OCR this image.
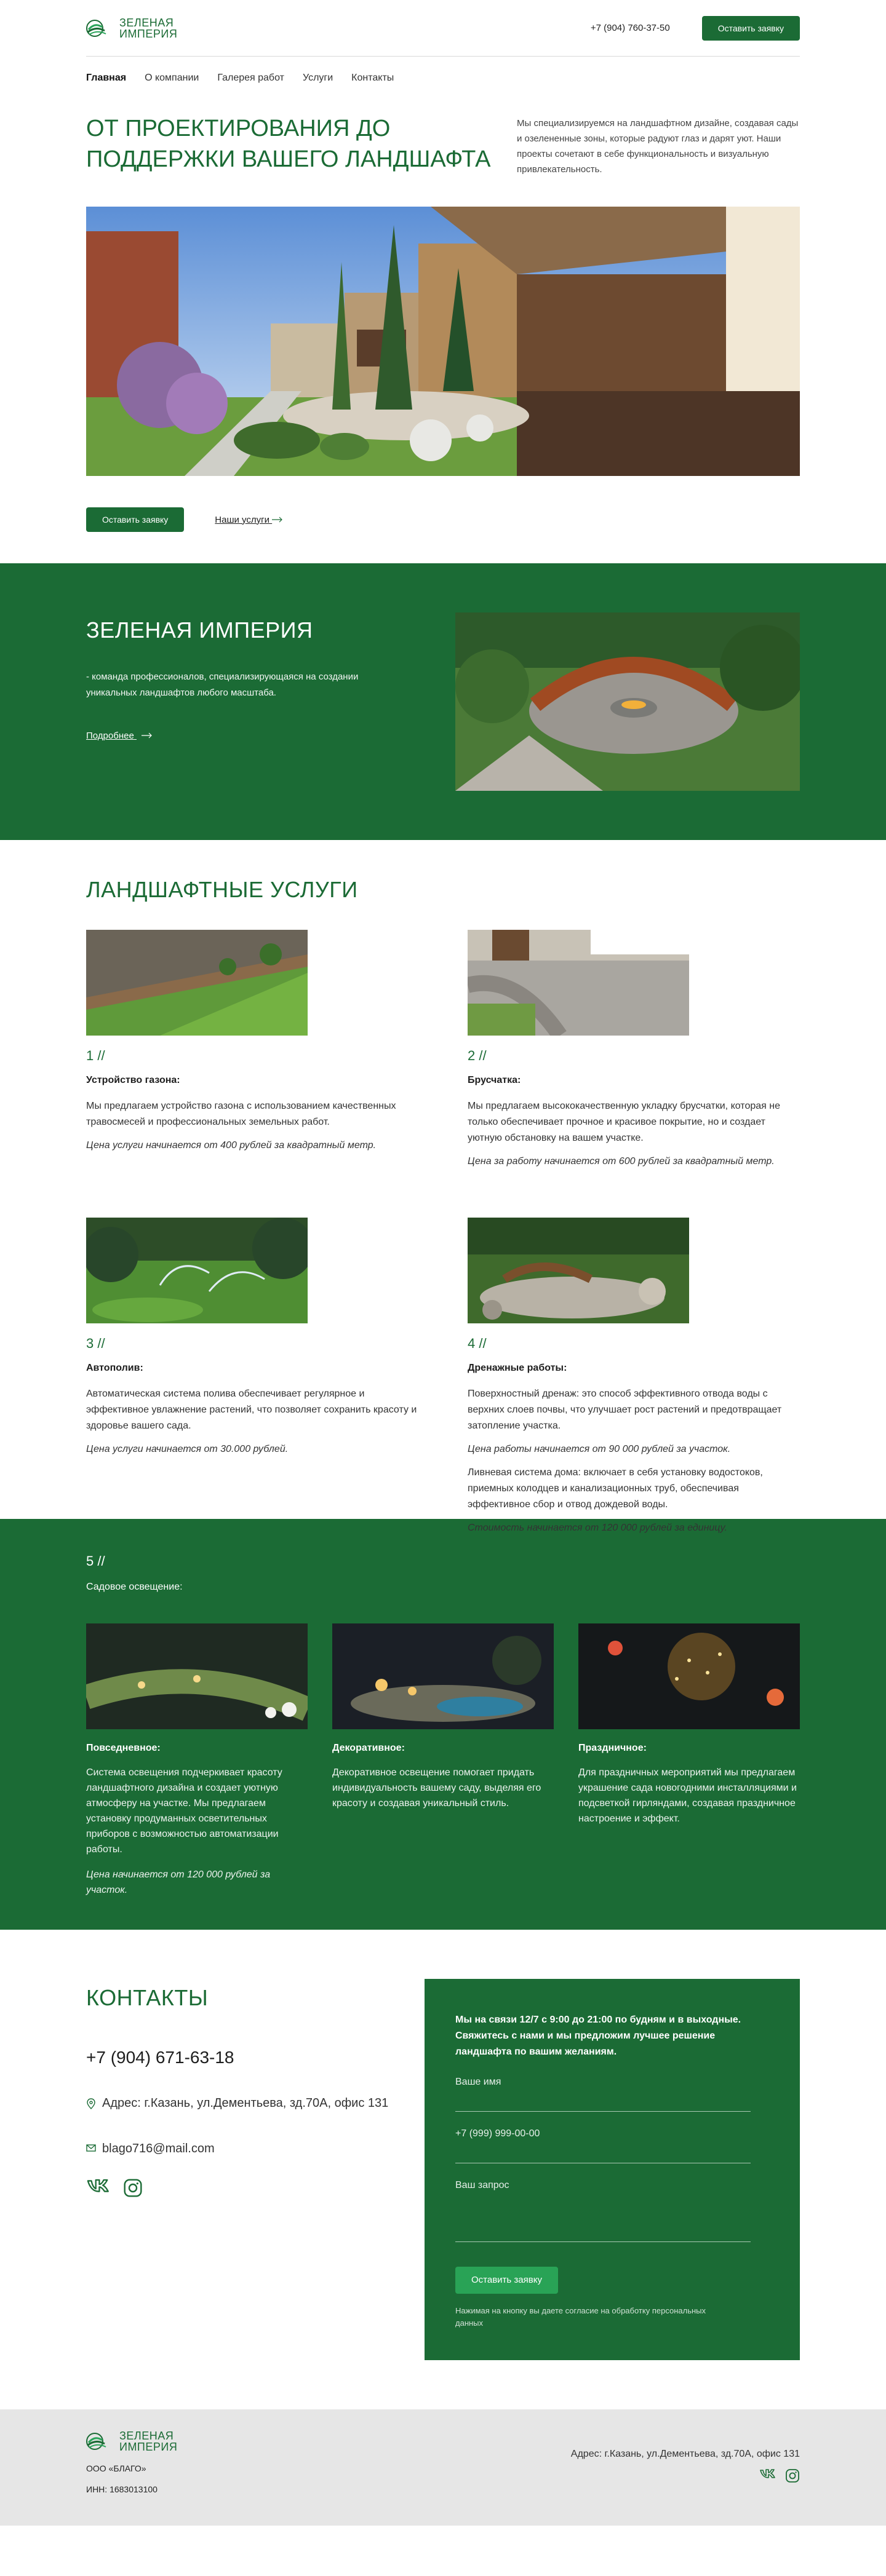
ЗЕЛЕНАЯ
ИМПЕРИЯ	+7 (904) 760-37-50	Оставить заявку
Главная О компании Галерея работ Услуги Контакты
ОТ ПРОЕКТИРОВАНИЯ ДО ПОДДЕРЖКИ ВАШЕГО ЛАНДШАФТА

Мы специализируемся на ландшафтном дизайне, создавая сады и озелененные зоны, которые радуют глаз и дарят уют. Наши проекты сочетают в себе функциональность и визуальную привлекательность.

Оставить заявку	Наши услуги
ЗЕЛЕНАЯ ИМПЕРИЯ

- команда профессионалов, специализирующаяся на создании уникальных ландшафтов любого масштаба.

Подробнее
ЛАНДШАФТНЫЕ УСЛУГИ
1 //
Устройство газона:

Мы предлагаем устройство газона с использованием качественных травосмесей и профессиональных земельных работ.

Цена услуги начинается от 400 рублей за квадратный метр.

2 //
Брусчатка:

Мы предлагаем высококачественную укладку брусчатки, которая не только обеспечивает прочное и красивое покрытие, но и создает уютную обстановку на вашем участке.

Цена за работу начинается от 600 рублей за квадратный метр.

3 //
Автополив:

Автоматическая система полива обеспечивает регулярное и эффективное увлажнение растений, что позволяет сохранить красоту и здоровье вашего сада.

Цена услуги начинается от 30.000 рублей.

4 //
Дренажные работы:

Поверхностный дренаж: это способ эффективного отвода воды с верхних слоев почвы, что улучшает рост растений и предотвращает затопление участка.

Цена работы начинается от 90 000 рублей за участок.

Ливневая система дома: включает в себя установку водостоков, приемных колодцев и канализационных труб, обеспечивая эффективное сбор и отвод дождевой воды.

Стоимость начинается от 120 000 рублей за единицу.

5 //
Садовое освещение:
Повседневное:

Система освещения подчеркивает красоту ландшафтного дизайна и создает уютную атмосферу на участке. Мы предлагаем установку продуманных осветительных приборов с возможностью автоматизации работы.

Цена начинается от 120 000 рублей за участок.

Декоративное:

Декоративное освещение помогает придать индивидуальность вашему саду, выделяя его красоту и создавая уникальный стиль.

Праздничное:

Для праздничных мероприятий мы предлагаем украшение сада новогодними инсталляциями и подсветкой гирляндами, создавая праздничное настроение и эффект.

КОНТАКТЫ
+7 (904) 671-63-18
Адрес: г.Казань, ул.Дементьева, зд.70А, офис 131
blago716@mail.com

Мы на связи 12/7 с 9:00 до 21:00 по будням и в выходные. Свяжитесь с нами и мы предложим лучшее решение ландшафта по вашим желаниям.

Ваше имя
+7 (999) 999-00-00
Ваш запрос
Оставить заявку

Нажимая на кнопку вы даете согласие на обработку персональных данных

ЗЕЛЕНАЯ
ИМПЕРИЯ

ООО «БЛАГО»

ИНН: 1683013100

Адрес: г.Казань, ул.Дементьева, зд.70А, офис 131
